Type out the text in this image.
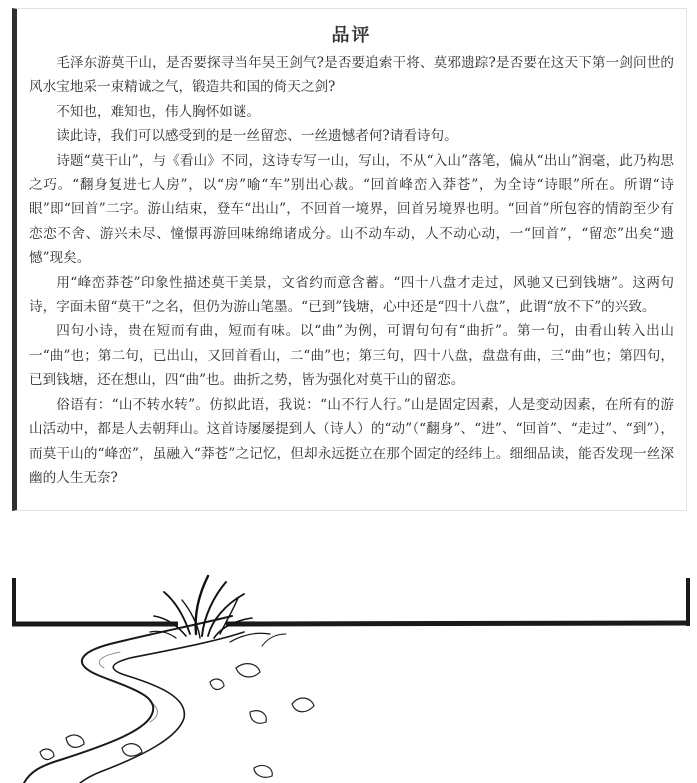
品评

毛泽东游莫干山，是否要探寻当年吴王剑气?是否要追索干将、莫邪遗踪?是否要在这天下第一剑问世的风水宝地采一束精诚之气，锻造共和国的倚天之剑?

不知也，难知也，伟人胸怀如谜。

读此诗，我们可以感受到的是一丝留恋、一丝遗憾者何?请看诗句。

诗题“莫干山”，与《看山》不同，这诗专写一山，写山，不从“入山”落笔，偏从“出山”润毫，此乃构思之巧。“翻身复进七人房”，以“房”喻“车”别出心裁。“回首峰峦入莽苍”，为全诗“诗眼”所在。所谓“诗眼”即“回首”二字。游山结束，登车“出山”，不回首一境界，回首另境界也明。“回首”所包容的情韵至少有恋恋不舍、游兴未尽、憧憬再游回味绵绵诸成分。山不动车动，人不动心动，一“回首”，“留恋”出矣“遗憾”现矣。

用“峰峦莽苍”印象性描述莫干美景，文省约而意含蓄。“四十八盘才走过，风驰又已到钱塘”。这两句诗，字面未留“莫干”之名，但仍为游山笔墨。“已到”钱塘，心中还是“四十八盘”，此谓“放不下”的兴致。

四句小诗，贵在短而有曲，短而有味。以“曲”为例，可谓句句有“曲折”。第一句，由看山转入出山一“曲”也；第二句，已出山，又回首看山，二“曲”也；第三句，四十八盘，盘盘有曲，三“曲”也；第四句，已到钱塘，还在想山，四“曲”也。曲折之势，皆为强化对莫干山的留恋。

俗语有：“山不转水转”。仿拟此语，我说：“山不行人行。”山是固定因素，人是变动因素，在所有的游山活动中，都是人去朝拜山。这首诗屡屡提到人（诗人）的“动”（“翻身”、“进”、“回首”、“走过”、“到”），而莫干山的“峰峦”，虽融入“莽苍”之记忆，但却永远挺立在那个固定的经纬上。细细品读，能否发现一丝深幽的人生无奈?
